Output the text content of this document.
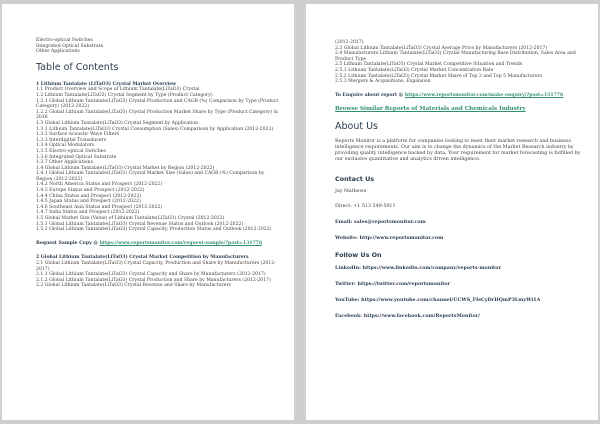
Electro-optical Switches
Integrated Optical Substrate
Other Applications
Table of Contents
1 Lithium Tantalate (LiTaO3) Crystal Market Overview
1.1 Product Overview and Scope of Lithium Tantalate(LiTaO3) Crystal
1.2 Lithium Tantalate(LiTaO3) Crystal Segment by Type (Product Category)
1.2.1 Global Lithium Tantalate(LiTaO3) Crystal Production and CAGR (%) Comparison by Type (Product Category) (2012-2022)
1.2.2 Global Lithium Tantalate(LiTaO3) Crystal Production Market Share by Type (Product Category) in 2016
1.3 Global Lithium Tantalate(LiTaO3) Crystal Segment by Application
1.3.1 Lithium Tantalate(LiTaO3) Crystal Consumption (Sales) Comparison by Application (2012-2022)
1.3.2 Surface Acoustic Wave Filters
1.3.3 Interdigital Transducers
1.3.4 Optical Modulators
1.3.5 Electro-optical Switches
1.3.6 Integrated Optical Substrate
1.3.7 Other Applications
1.4 Global Lithium Tantalate(LiTaO3) Crystal Market by Region (2012-2022)
1.4.1 Global Lithium Tantalate(LiTaO3) Crystal Market Size (Value) and CAGR (%) Comparison by Region (2012-2022)
1.4.2 North America Status and Prospect (2012-2022)
1.4.3 Europe Status and Prospect (2012-2022)
1.4.4 China Status and Prospect (2012-2022)
1.4.5 Japan Status and Prospect (2012-2022)
1.4.6 Southeast Asia Status and Prospect (2012-2022)
1.4.7 India Status and Prospect (2012-2022)
1.5 Global Market Size (Value) of Lithium Tantalate(LiTaO3) Crystal (2012-2022)
1.5.1 Global Lithium Tantalate(LiTaO3) Crystal Revenue Status and Outlook (2012-2022)
1.5.2 Global Lithium Tantalate(LiTaO3) Crystal Capacity, Production Status and Outlook (2012-2022)
Request Sample Copy @ https://www.reportsmonitor.com/request-sample/?post=131776
2 Global Lithium Tantalate(LiTaO3) Crystal Market Competition by Manufacturers
2.1 Global Lithium Tantalate(LiTaO3) Crystal Capacity, Production and Share by Manufacturers (2012-2017)
2.1.1 Global Lithium Tantalate(LiTaO3) Crystal Capacity and Share by Manufacturers (2012-2017)
2.1.2 Global Lithium Tantalate(LiTaO3) Crystal Production and Share by Manufacturers (2012-2017)
2.2 Global Lithium Tantalate(LiTaO3) Crystal Revenue and Share by Manufacturers
(2012-2017)
2.3 Global Lithium Tantalate(LiTaO3) Crystal Average Price by Manufacturers (2012-2017)
2.4 Manufacturers Lithium Tantalate(LiTaO3) Crystal Manufacturing Base Distribution, Sales Area and Product Type
2.5 Lithium Tantalate(LiTaO3) Crystal Market Competitive Situation and Trends
2.5.1 Lithium Tantalate(LiTaO3) Crystal Market Concentration Rate
2.5.2 Lithium Tantalate(LiTaO3) Crystal Market Share of Top 3 and Top 5 Manufacturers
2.5.3 Mergers & Acquisitions, Expansion
To Enquire about report @ https://www.reportsmonitor.com/make-enquiry/?post=131776
Browse Similar Reports of Materials and Chemicals Industry
About Us
Reports Monitor is a platform for companies looking to meet their market research and business intelligence requirements. Our aim is to change the dynamics of the Market Research industry by providing quality intelligence backed by data. Your requirement for market forecasting is fulfilled by our exclusive quantitative and analytics driven intelligence.
Contact Us
Jay Mathews
Direct: +1 513 549-5911
Email: sales@reportsmonitor.com
Website: http://www.reportsmonitor.com
Follow Us On
LinkedIn: https://www.linkedin.com/company/reports-monitor
Twitter: https://twitter.com/reportsmonitor
YouTube: https://www.youtube.com/channel/UCWS_FIsCyDrHQmP3LmyWi1A
Facebook: https://www.facebook.com/ReportsMonitor/
